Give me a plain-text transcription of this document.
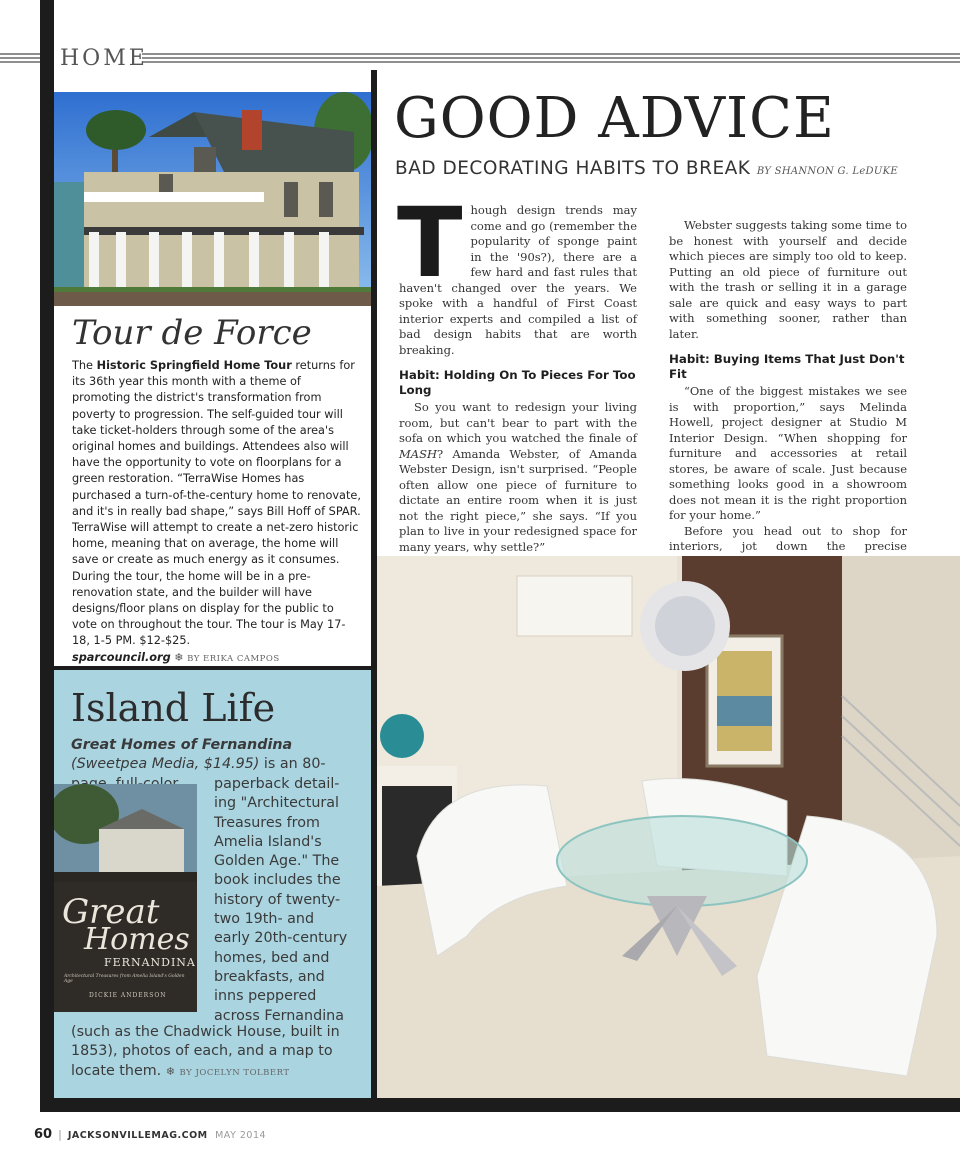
HOME
Tour de Force
The Historic Springfield Home Tour returns for its 36th year this month with a theme of promoting the district's transformation from poverty to progression. The self-guided tour will take ticket-holders through some of the area's original homes and buildings. Attendees also will have the opportunity to vote on floorplans for a green restoration. “TerraWise Homes has purchased a turn-of-the-century home to renovate, and it's in really bad shape,” says Bill Hoff of SPAR. TerraWise will attempt to create a net-zero historic home, meaning that on average, the home will save or create as much energy as it consumes. During the tour, the home will be in a pre-renovation state, and the builder will have designs/floor plans on display for the public to vote on throughout the tour. The tour is May 17-18, 1-5 PM. $12-$25.
sparcouncil.org ❄ BY ERIKA CAMPOS
Island Life
Great Homes of Fernandina (Sweetpea Media, $14.95) is an 80-
paperback detail-
ing "Architectural
Treasures from
Amelia Island's
Golden Age." The
book includes the
history of twenty-
two 19th- and
early 20th-century
homes, bed and
breakfasts, and
inns peppered
across Fernandina
(such as the Chadwick House, built in
1853), photos of each, and a map to
locate them. ❄ BY JOCELYN TOLBERT
Great
Homes
FERNANDINA
Architectural Treasures from Amelia Island's Golden Age
DICKIE ANDERSON
GOOD ADVICE
BAD DECORATING HABITS TO BREAK BY SHANNON G. LeDUKE

Though design trends may come and go (remember the popularity of sponge paint in the '90s?), there are a few hard and fast rules that haven't changed over the years. We spoke with a handful of First Coast interior experts and compiled a list of bad design habits that are worth breaking.

Habit: Holding On To Pieces For Too Long

So you want to redesign your living room, but can't bear to part with the sofa on which you watched the finale of MASH? Amanda Webster, of Amanda Webster Design, isn't surprised. “People often allow one piece of furniture to dictate an entire room when it is just not the right piece,” she says. “If you plan to live in your redesigned space for many years, why settle?”

Webster suggests taking some time to be honest with yourself and decide which pieces are simply too old to keep. Putting an old piece of furniture out with the trash or selling it in a garage sale are quick and easy ways to part with something sooner, rather than later.

Habit: Buying Items That Just Don't Fit

“One of the biggest mistakes we see is with proportion,” says Melinda Howell, project designer at Studio M Interior Design. “When shopping for furniture and accessories at retail stores, be aware of scale. Just because something looks good in a showroom does not mean it is the right proportion for your home.”

Before you head out to shop for interiors, jot down the precise

60 | JACKSONVILLEMAG.COM MAY 2014
